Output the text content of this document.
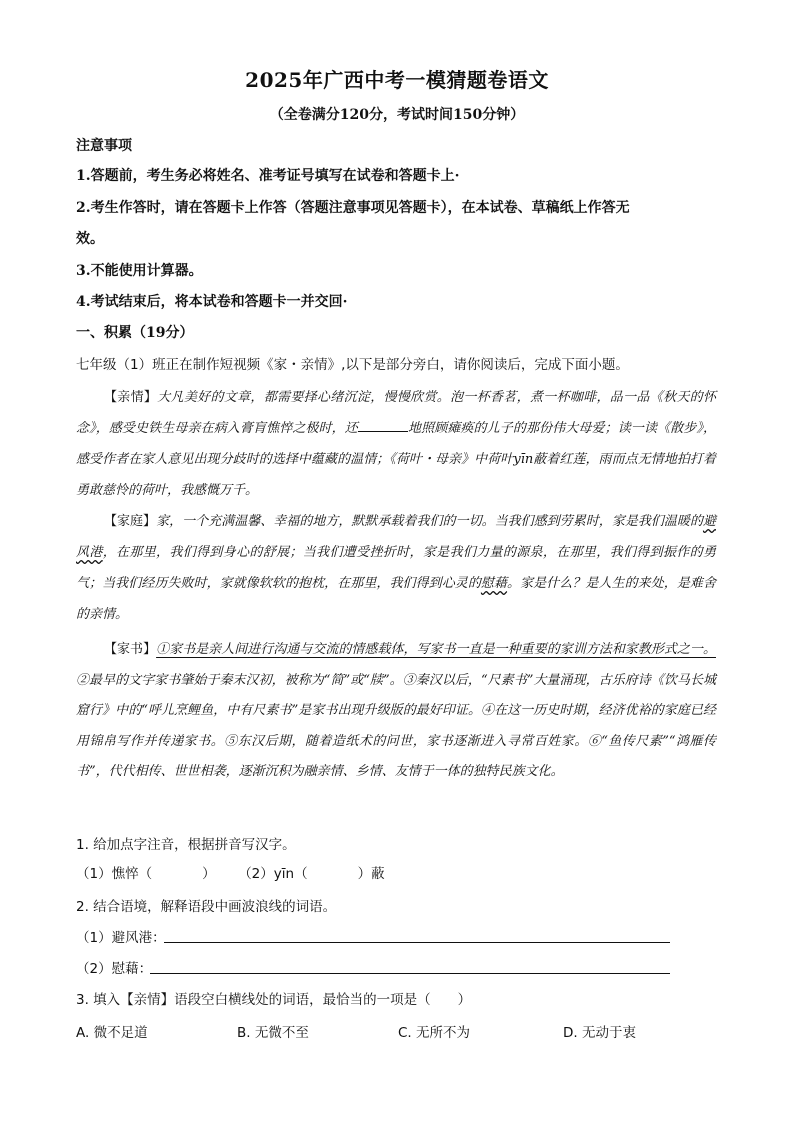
2025年广西中考一模猜题卷语文
（全卷满分120分，考试时间150分钟）
注意事项
1.答题前，考生务必将姓名、准考证号填写在试卷和答题卡上·
2.考生作答时，请在答题卡上作答（答题注意事项见答题卡），在本试卷、草稿纸上作答无
效。
3.不能使用计算器。
4.考试结束后，将本试卷和答题卡一并交回·
一、积累（19分）
七年级（1）班正在制作短视频《家・亲情》,以下是部分旁白，请你阅读后，完成下面小题。
【亲情】大凡美好的文章，都需要择心绪沉淀，慢慢欣赏。泡一杯香茗，煮一杯咖啡，品一品《秋天的怀念》，感受史铁生母亲在病入膏肓憔悴之极时，还	地照顾瘫痪的儿子的那份伟大母爱；读一读《散步》，感受作者在家人意见出现分歧时的选择中蕴藏的温情；《荷叶・母亲》中荷叶yīn蔽着红莲，雨而点无情地拍打着勇敢慈怜的荷叶，我感慨万千。
【家庭】家，一个充满温馨、幸福的地方，默默承载着我们的一切。当我们感到劳累时，家是我们温暖的避风港，在那里，我们得到身心的舒展；当我们遭受挫折时，家是我们力量的源泉，在那里，我们得到振作的勇气；当我们经历失败时，家就像软软的抱枕，在那里，我们得到心灵的慰藉。家是什么？是人生的来处，是难舍的亲情。
【家书】①家书是亲人间进行沟通与交流的情感载体，写家书一直是一种重要的家训方法和家教形式之一。②最早的文字家书肇始于秦末汉初，被称为“简”或“牍”。③秦汉以后，“尺素书”大量涌现，古乐府诗《饮马长城窟行》中的“呼儿烹鲤鱼，中有尺素书”是家书出现升级版的最好印证。④在这一历史时期，经济优裕的家庭已经用锦帛写作并传递家书。⑤东汉后期，随着造纸术的问世，家书逐渐进入寻常百姓家。⑥“鱼传尺素”“鸿雁传书”，代代相传、世世相袭，逐渐沉积为融亲情、乡情、友情于一体的独特民族文化。
1. 给加点字注音，根据拼音写汉字。
（1）憔悴（	） （2）yīn（	）蔽
2. 结合语境，解释语段中画波浪线的词语。
（1）避风港：
（2）慰藉：
3. 填入【亲情】语段空白横线处的词语，最恰当的一项是（　　）
A. 微不足道	B. 无微不至	C. 无所不为	D. 无动于衷
